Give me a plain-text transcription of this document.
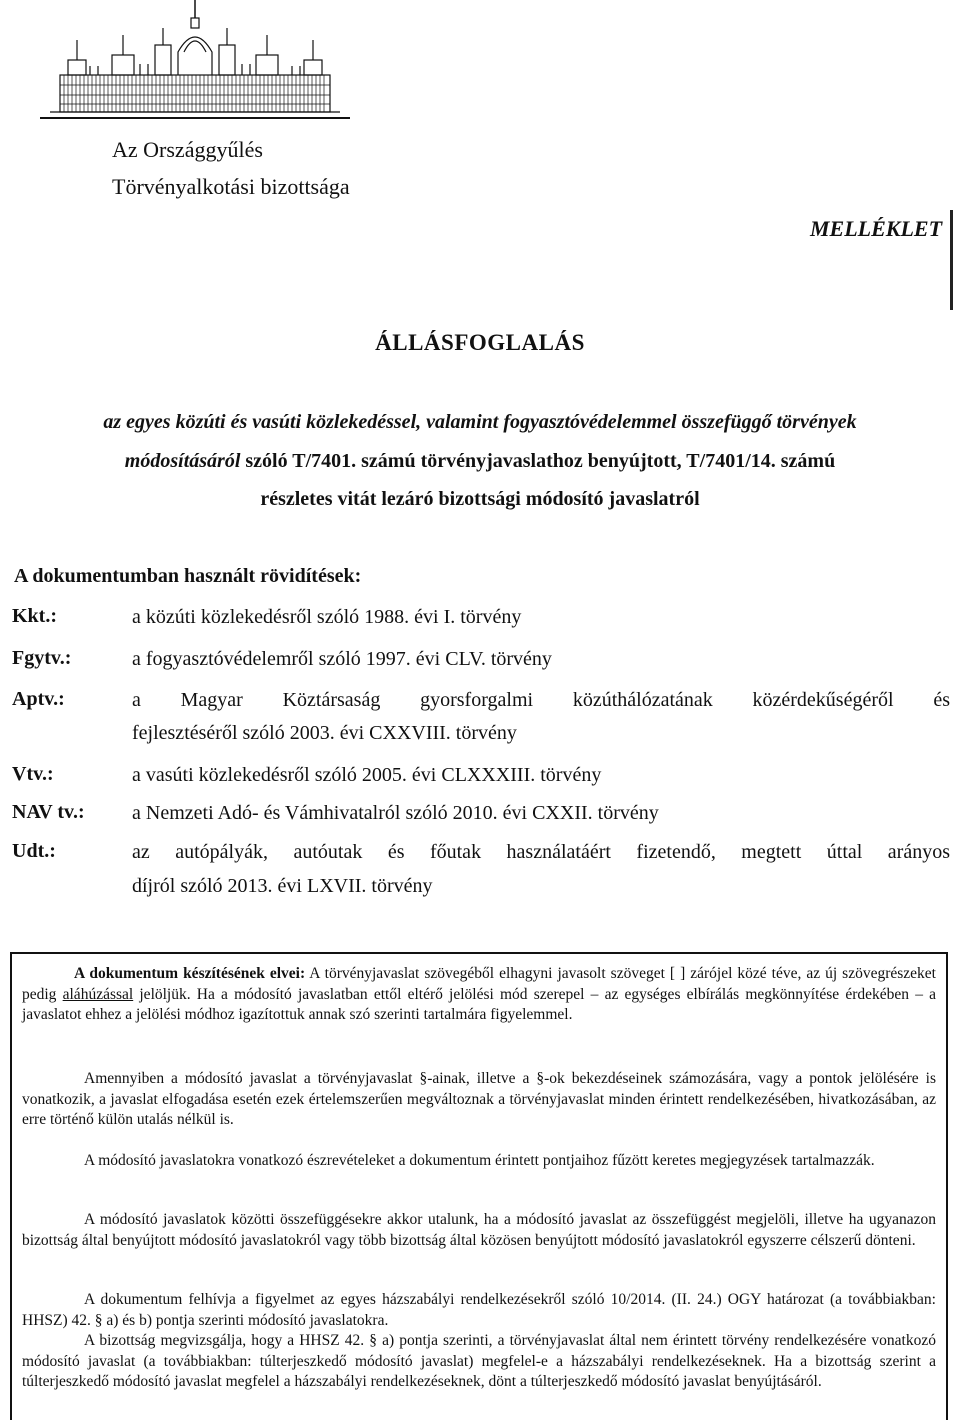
Az Országgyűlés
Törvényalkotási bizottsága
MELLÉKLET
ÁLLÁSFOGLALÁS
az egyes közúti és vasúti közlekedéssel, valamint fogyasztóvédelemmel összefüggő törvények
módosításáról szóló T/7401. számú törvényjavaslathoz benyújtott, T/7401/14. számú
részletes vitát lezáró bizottsági módosító javaslatról
A dokumentumban használt rövidítések:
Kkt.:	a közúti közlekedésről szóló 1988. évi I. törvény
Fgytv.:	a fogyasztóvédelemről szóló 1997. évi CLV. törvény
Aptv.:	a Magyar Köztársaság gyorsforgalmi közúthálózatának közérdekűségéről és
fejlesztéséről szóló 2003. évi CXXVIII. törvény
Vtv.:	a vasúti közlekedésről szóló 2005. évi CLXXXIII. törvény
NAV tv.: a Nemzeti Adó- és Vámhivatalról szóló 2010. évi CXXII. törvény
Udt.:	az autópályák, autóutak és főutak használatáért fizetendő, megtett úttal arányos
díjról szóló 2013. évi LXVII. törvény
A dokumentum készítésének elvei: A törvényjavaslat szövegéből elhagyni javasolt szöveget [ ] zárójel közé téve, az új szövegrészeket pedig aláhúzással jelöljük. Ha a módosító javaslatban ettől eltérő jelölési mód szerepel – az egységes elbírálás megkönnyítése érdekében – a javaslatot ehhez a jelölési módhoz igazítottuk annak szó szerinti tartalmára figyelemmel.
Amennyiben a módosító javaslat a törvényjavaslat §-ainak, illetve a §-ok bekezdéseinek számozására, vagy a pontok jelölésére is vonatkozik, a javaslat elfogadása esetén ezek értelemszerűen megváltoznak a törvényjavaslat minden érintett rendelkezésében, hivatkozásában, az erre történő külön utalás nélkül is.
A módosító javaslatokra vonatkozó észrevételeket a dokumentum érintett pontjaihoz fűzött keretes megjegyzések tartalmazzák.
A módosító javaslatok közötti összefüggésekre akkor utalunk, ha a módosító javaslat az összefüggést megjelöli, illetve ha ugyanazon bizottság által benyújtott módosító javaslatokról vagy több bizottság által közösen benyújtott módosító javaslatokról egyszerre célszerű dönteni.
A dokumentum felhívja a figyelmet az egyes házszabályi rendelkezésekről szóló 10/2014. (II. 24.) OGY határozat (a továbbiakban: HHSZ) 42. § a) és b) pontja szerinti módosító javaslatokra.
A bizottság megvizsgálja, hogy a HHSZ 42. § a) pontja szerinti, a törvényjavaslat által nem érintett törvény rendelkezésére vonatkozó módosító javaslat (a továbbiakban: túlterjeszkedő módosító javaslat) megfelel-e a házszabályi rendelkezéseknek. Ha a bizottság szerint a túlterjeszkedő módosító javaslat megfelel a házszabályi rendelkezéseknek, dönt a túlterjeszkedő módosító javaslat benyújtásáról.
